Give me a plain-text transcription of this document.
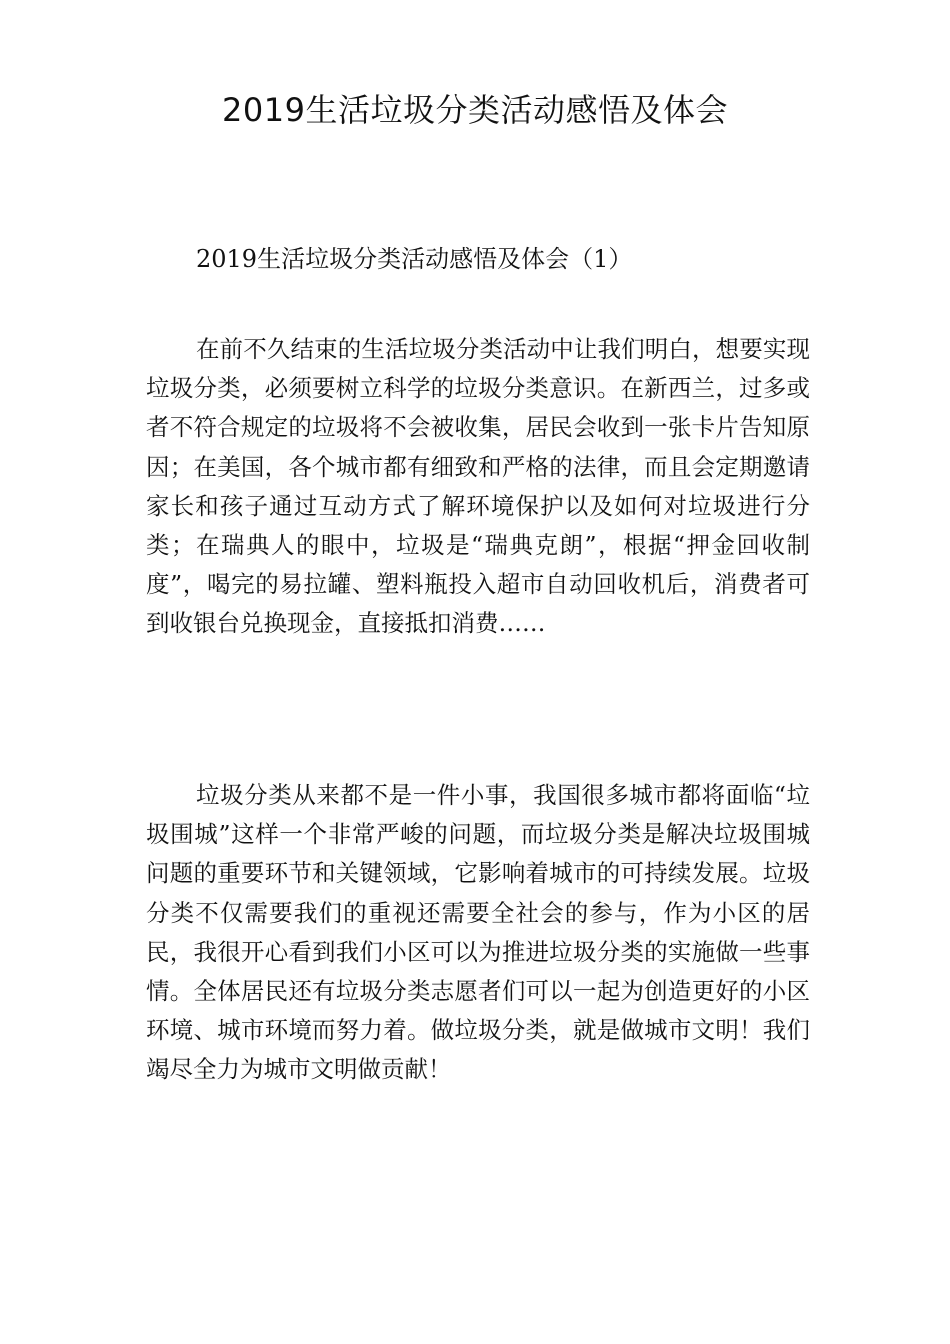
2019生活垃圾分类活动感悟及体会
2019生活垃圾分类活动感悟及体会（1）

在前不久结束的生活垃圾分类活动中让我们明白，想要实现垃圾分类，必须要树立科学的垃圾分类意识。在新西兰，过多或者不符合规定的垃圾将不会被收集，居民会收到一张卡片告知原因；在美国，各个城市都有细致和严格的法律，而且会定期邀请家长和孩子通过互动方式了解环境保护以及如何对垃圾进行分类；在瑞典人的眼中，垃圾是“瑞典克朗”，根据“押金回收制度”，喝完的易拉罐、塑料瓶投入超市自动回收机后，消费者可到收银台兑换现金，直接抵扣消费……

垃圾分类从来都不是一件小事，我国很多城市都将面临“垃圾围城”这样一个非常严峻的问题，而垃圾分类是解决垃圾围城问题的重要环节和关键领域，它影响着城市的可持续发展。垃圾分类不仅需要我们的重视还需要全社会的参与，作为小区的居民，我很开心看到我们小区可以为推进垃圾分类的实施做一些事情。全体居民还有垃圾分类志愿者们可以一起为创造更好的小区环境、城市环境而努力着。做垃圾分类，就是做城市文明！我们竭尽全力为城市文明做贡献！
